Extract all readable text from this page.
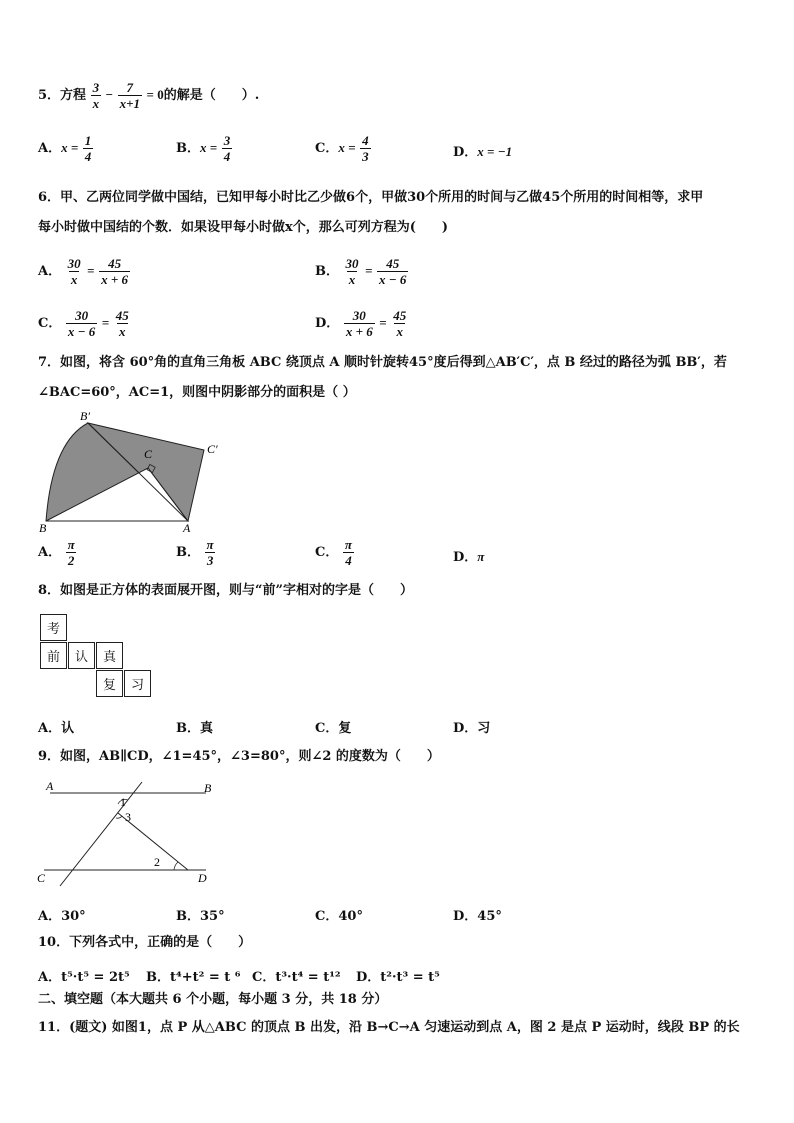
5．方程 $\frac{3}{x} - \frac{7}{x+1} = 0$的解是（　　）.
A．$x = \frac{1}{4}$	B．$x = \frac{3}{4}$	C．$x = \frac{4}{3}$	D．x = −1
6．甲、乙两位同学做中国结，已知甲每小时比乙少做6个，甲做30个所用的时间与乙做45个所用的时间相等，求甲
每小时做中国结的个数．如果设甲每小时做x个，那么可列方程为(　　)
A． $\frac{30}{x} = \frac{45}{x + 6}$	B． $\frac{30}{x} = \frac{45}{x - 6}$
C． $\frac{30}{x - 6} = \frac{45}{x}$	D． $\frac{30}{x + 6} = \frac{45}{x}$
7．如图，将含 60°角的直角三角板 ABC 绕顶点 A 顺时针旋转45°度后得到△AB′C′，点 B 经过的路径为弧 BB′，若
∠BAC=60°，AC=1，则图中阴影部分的面积是（ ）
B′
C′
C
B	A
A． $\frac{\pi}{2}$	B． $\frac{\pi}{3}$	C． $\frac{\pi}{4}$	D．π
8．如图是正方体的表面展开图，则与“前”字相对的字是（　　）
考
前	认	真
复	习
A．认	B．真	C．复	D．习
9．如图，AB∥CD，∠1=45°，∠3=80°，则∠2 的度数为（　　）
A	B
C	D
1
3
2
A．30°	B．35°	C．40°	D．45°
10．下列各式中，正确的是（　　）
A．t⁵·t⁵ = 2t⁵ B．t⁴+t² = t ⁶ C．t³·t⁴ = t¹² D．t²·t³ = t⁵
二、填空题（本大题共 6 个小题，每小题 3 分，共 18 分）
11．(题文) 如图1，点 P 从△ABC 的顶点 B 出发，沿 B→C→A 匀速运动到点 A，图 2 是点 P 运动时，线段 BP 的长
